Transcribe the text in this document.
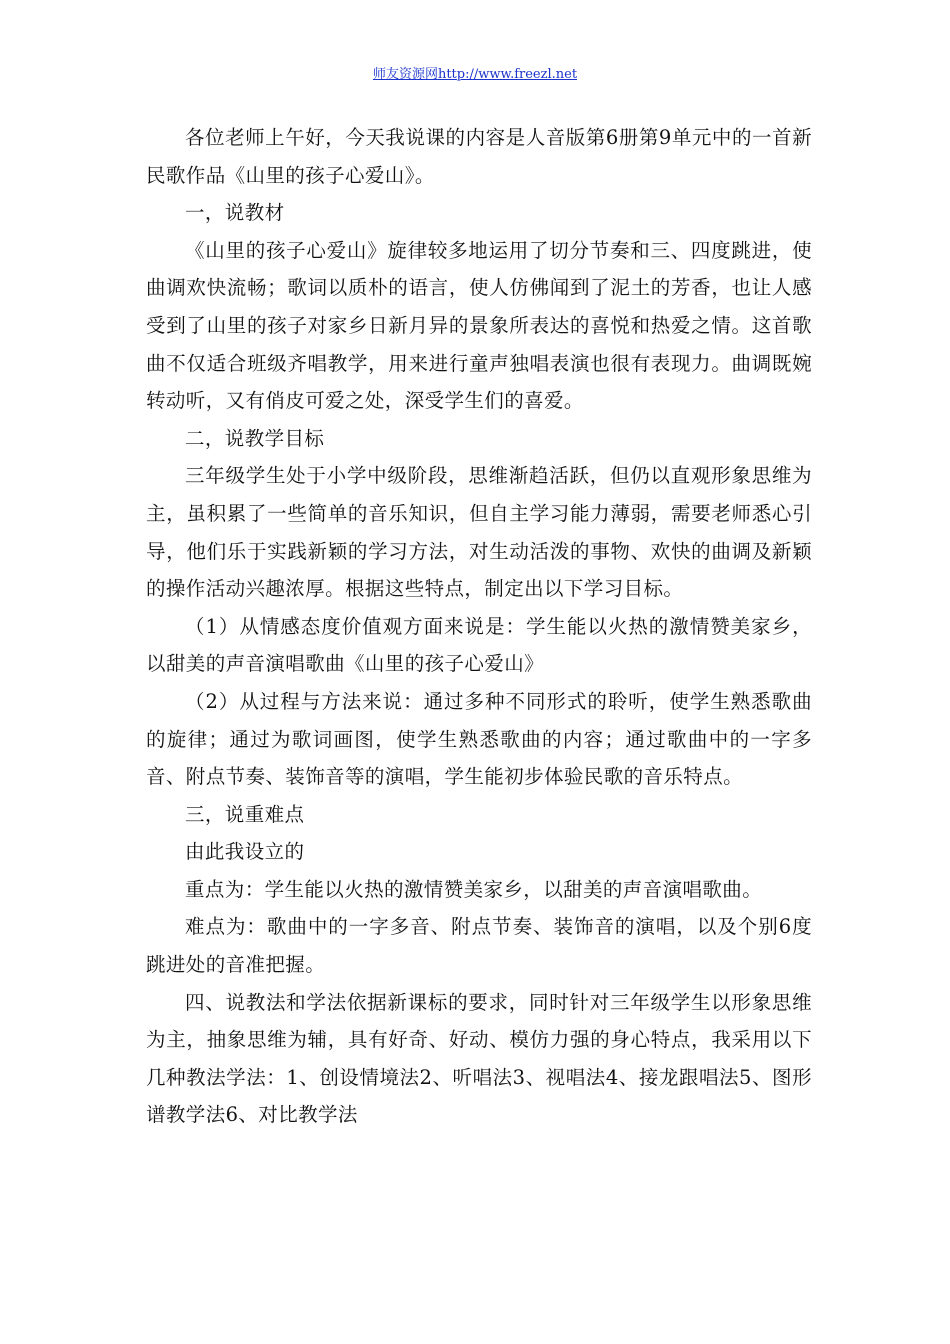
师友资源网http://www.freezl.net

各位老师上午好，今天我说课的内容是人音版第6册第9单元中的一首新民歌作品《山里的孩子心爱山》。

一，说教材

《山里的孩子心爱山》旋律较多地运用了切分节奏和三、四度跳进，使曲调欢快流畅；歌词以质朴的语言，使人仿佛闻到了泥土的芳香，也让人感受到了山里的孩子对家乡日新月异的景象所表达的喜悦和热爱之情。这首歌曲不仅适合班级齐唱教学，用来进行童声独唱表演也很有表现力。曲调既婉转动听，又有俏皮可爱之处，深受学生们的喜爱。

二，说教学目标

三年级学生处于小学中级阶段，思维渐趋活跃，但仍以直观形象思维为主，虽积累了一些简单的音乐知识，但自主学习能力薄弱，需要老师悉心引导，他们乐于实践新颖的学习方法，对生动活泼的事物、欢快的曲调及新颖的操作活动兴趣浓厚。根据这些特点，制定出以下学习目标。

（1）从情感态度价值观方面来说是：学生能以火热的激情赞美家乡，以甜美的声音演唱歌曲《山里的孩子心爱山》

（2）从过程与方法来说：通过多种不同形式的聆听，使学生熟悉歌曲的旋律；通过为歌词画图，使学生熟悉歌曲的内容；通过歌曲中的一字多音、附点节奏、装饰音等的演唱，学生能初步体验民歌的音乐特点。

三，说重难点

由此我设立的

重点为：学生能以火热的激情赞美家乡，以甜美的声音演唱歌曲。

难点为：歌曲中的一字多音、附点节奏、装饰音的演唱，以及个别6度跳进处的音准把握。

四、说教法和学法依据新课标的要求，同时针对三年级学生以形象思维为主，抽象思维为辅，具有好奇、好动、模仿力强的身心特点，我采用以下几种教法学法：1、创设情境法2、听唱法3、视唱法4、接龙跟唱法5、图形谱教学法6、对比教学法
